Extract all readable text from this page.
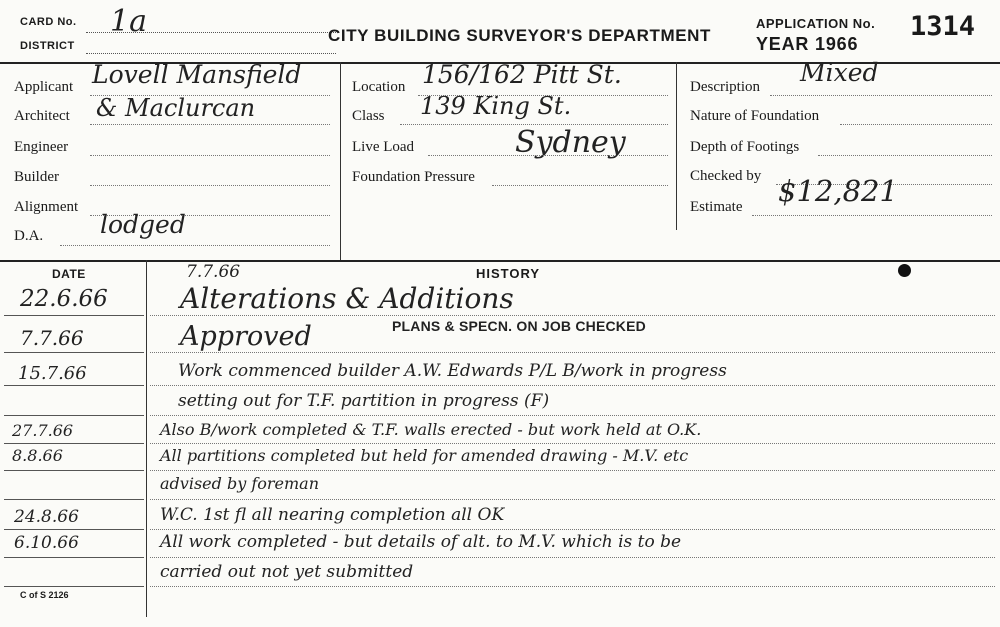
CARD No. 1a
DISTRICT
CITY BUILDING SURVEYOR'S DEPARTMENT
APPLICATION No. 1314
YEAR 1966
Applicant Lovell Mansfield
Architect & Maclurcan
Engineer
Builder
Alignment
D.A. lodged
Location 156/162 Pitt St.
Class 139 King St.
Live Load	Sydney
Foundation Pressure
Description Mixed
Nature of Foundation
Depth of Footings
Checked by
Estimate $12,821
DATE	HISTORY
7.7.66
PLANS & SPECN. ON JOB CHECKED
22.6.66	Alterations & Additions
7.7.66	Approved
15.7.66	Work commenced builder A.W. Edwards P/L B/work in progress
setting out for T.F. partition in progress (F)
27.7.66	Also B/work completed & T.F. walls erected - but work held at O.K.
8.8.66	All partitions completed but held for amended drawing - M.V. etc
advised by foreman
24.8.66	W.C. 1st fl all nearing completion all OK
6.10.66	All work completed - but details of alt. to M.V. which is to be
carried out not yet submitted
C of S 2126
